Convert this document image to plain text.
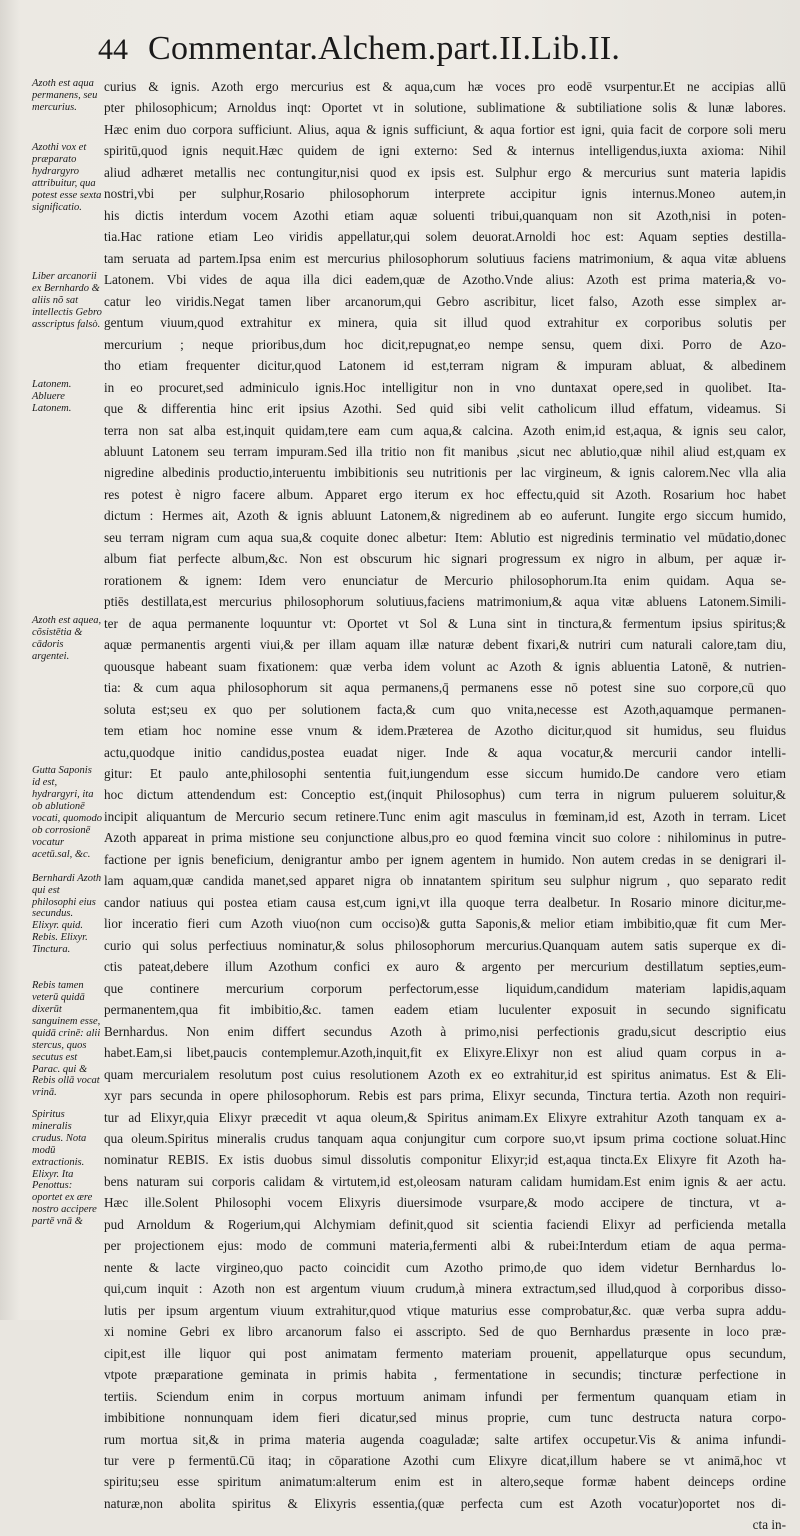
44 Commentar.Alchem.part.II.Lib.II.
Azoth est aqua permanens, seu mercurius.
Azothi vox et præparato hydrargyro attribuitur, qua potest esse sexta significatio.
Liber arcanorii ex Bernhardo & aliis nõ sat intellectis Gebro asscriptus falsò.
Latonem. Abluere Latonem.
Azoth est aquea, cõsistētia & cādoris argentei.
Gutta Saponis id est, hydrargyri, ita ob ablutionē vocati, quomodo ob corrosionē vocatur acetū.sal, &c.
Bernhardi Azoth qui est philosophi eius secundus. Elixyr. quid. Rebis. Elixyr. Tinctura.
Rebis tamen veterū quidā dixerūt sanguinem esse, quidā crinē: alii stercus, quos secutus est Parac. qui & Rebis ollā vocat vrinā.
Spiritus mineralis crudus. Nota modū extractionis. Elixyr. Ita Penottus: oportet ex ære nostro accipere partē vnā &
curius & ignis. Azoth ergo mercurius est & aqua,cum hæ voces pro eodē vsurpentur.Et ne accipias allū
pter philosophicum; Arnoldus inqt: Oportet vt in solutione, sublimatione & subtiliatione solis & lunæ labores.
Hæc enim duo corpora sufficiunt. Alius, aqua & ignis sufficiunt, & aqua fortior est igni, quia facit de corpore soli meru
spiritū,quod ignis nequit.Hæc quidem de igni externo: Sed & internus intelligendus,iuxta axioma: Nihil
aliud adhæret metallis nec contungitur,nisi quod ex ipsis est. Sulphur ergo & mercurius sunt materia lapidis
nostri,vbi per sulphur,Rosario philosophorum interprete accipitur ignis internus.Moneo autem,in
his dictis interdum vocem Azothi etiam aquæ soluenti tribui,quanquam non sit Azoth,nisi in poten-
tia.Hac ratione etiam Leo viridis appellatur,qui solem deuorat.Arnoldi hoc est: Aquam septies destilla-
tam seruata ad partem.Ipsa enim est mercurius philosophorum solutiuus faciens matrimonium, & aqua vitæ abluens
Latonem. Vbi vides de aqua illa dici eadem,quæ de Azotho.Vnde alius: Azoth est prima materia,& vo-
catur leo viridis.Negat tamen liber arcanorum,qui Gebro ascribitur, licet falso, Azoth esse simplex ar-
gentum viuum,quod extrahitur ex minera, quia sit illud quod extrahitur ex corporibus solutis per
mercurium ; neque prioribus,dum hoc dicit,repugnat,eo nempe sensu, quem dixi. Porro de Azo-
tho etiam frequenter dicitur,quod Latonem id est,terram nigram & impuram abluat, & albedinem
in eo procuret,sed adminiculo ignis.Hoc intelligitur non in vno duntaxat opere,sed in quolibet. Ita-
que & differentia hinc erit ipsius Azothi. Sed quid sibi velit catholicum illud effatum, videamus. Si
terra non sat alba est,inquit quidam,tere eam cum aqua,& calcina. Azoth enim,id est,aqua, & ignis seu calor,
abluunt Latonem seu terram impuram.Sed illa tritio non fit manibus ,sicut nec ablutio,quæ nihil aliud est,quam ex
nigredine albedinis productio,interuentu imbibitionis seu nutritionis per lac virgineum, & ignis calorem.Nec vlla alia
res potest è nigro facere album. Apparet ergo iterum ex hoc effectu,quid sit Azoth. Rosarium hoc habet
dictum : Hermes ait, Azoth & ignis abluunt Latonem,& nigredinem ab eo auferunt. Iungite ergo siccum humido,
seu terram nigram cum aqua sua,& coquite donec albetur: Item: Ablutio est nigredinis terminatio vel mūdatio,donec
album fiat perfecte album,&c. Non est obscurum hic signari progressum ex nigro in album, per aquæ ir-
rorationem & ignem: Idem vero enunciatur de Mercurio philosophorum.Ita enim quidam. Aqua se-
ptiēs destillata,est mercurius philosophorum solutiuus,faciens matrimonium,& aqua vitæ abluens Latonem.Simili-
ter de aqua permanente loquuntur vt: Oportet vt Sol & Luna sint in tinctura,& fermentum ipsius spiritus;&
aquæ permanentis argenti viui,& per illam aquam illæ naturæ debent fixari,& nutriri cum naturali calore,tam diu,
quousque habeant suam fixationem: quæ verba idem volunt ac Azoth & ignis abluentia Latonē, & nutrien-
tia: & cum aqua philosophorum sit aqua permanens,q̄ permanens esse nō potest sine suo corpore,cū quo
soluta est;seu ex quo per solutionem facta,& cum quo vnita,necesse est Azoth,aquamque permanen-
tem etiam hoc nomine esse vnum & idem.Præterea de Azotho dicitur,quod sit humidus, seu fluidus
actu,quodque initio candidus,postea euadat niger. Inde & aqua vocatur,& mercurii candor intelli-
gitur: Et paulo ante,philosophi sententia fuit,iungendum esse siccum humido.De candore vero etiam
hoc dictum attendendum est: Conceptio est,(inquit Philosophus) cum terra in nigrum puluerem soluitur,&
incipit aliquantum de Mercurio secum retinere.Tunc enim agit masculus in fœminam,id est, Azoth in terram. Licet
Azoth appareat in prima mistione seu conjunctione albus,pro eo quod fœmina vincit suo colore : nihilominus in putre-
factione per ignis beneficium, denigrantur ambo per ignem agentem in humido. Non autem credas in se denigrari il-
lam aquam,quæ candida manet,sed apparet nigra ob innatantem spiritum seu sulphur nigrum , quo separato redit
candor natiuus qui postea etiam causa est,cum igni,vt illa quoque terra dealbetur. In Rosario minore dicitur,me-
lior inceratio fieri cum Azoth viuo(non cum occiso)& gutta Saponis,& melior etiam imbibitio,quæ fit cum Mer-
curio qui solus perfectiuus nominatur,& solus philosophorum mercurius.Quanquam autem satis superque ex di-
ctis pateat,debere illum Azothum confici ex auro & argento per mercurium destillatum septies,eum-
que continere mercurium corporum perfectorum,esse liquidum,candidum materiam lapidis,aquam
permanentem,qua fit imbibitio,&c. tamen eadem etiam luculenter exposuit in secundo significatu
Bernhardus. Non enim differt secundus Azoth à primo,nisi perfectionis gradu,sicut descriptio eius
habet.Eam,si libet,paucis contemplemur.Azoth,inquit,fit ex Elixyre.Elixyr non est aliud quam corpus in a-
quam mercurialem resolutum post cuius resolutionem Azoth ex eo extrahitur,id est spiritus animatus. Est & Eli-
xyr pars secunda in opere philosophorum. Rebis est pars prima, Elixyr secunda, Tinctura tertia. Azoth non requiri-
tur ad Elixyr,quia Elixyr præcedit vt aqua oleum,& Spiritus animam.Ex Elixyre extrahitur Azoth tanquam ex a-
qua oleum.Spiritus mineralis crudus tanquam aqua conjungitur cum corpore suo,vt ipsum prima coctione soluat.Hinc
nominatur REBIS. Ex istis duobus simul dissolutis componitur Elixyr;id est,aqua tincta.Ex Elixyre fit Azoth ha-
bens naturam sui corporis calidam & virtutem,id est,oleosam naturam calidam humidam.Est enim ignis & aer actu.
Hæc ille.Solent Philosophi vocem Elixyris diuersimode vsurpare,& modo accipere de tinctura, vt a-
pud Arnoldum & Rogerium,qui Alchymiam definit,quod sit scientia faciendi Elixyr ad perficienda metalla
per projectionem ejus: modo de communi materia,fermenti albi & rubei:Interdum etiam de aqua perma-
nente & lacte virgineo,quo pacto coincidit cum Azotho primo,de quo idem videtur Bernhardus lo-
qui,cum inquit : Azoth non est argentum viuum crudum,à minera extractum,sed illud,quod à corporibus disso-
lutis per ipsum argentum viuum extrahitur,quod vtique maturius esse comprobatur,&c. quæ verba supra addu-
xi nomine Gebri ex libro arcanorum falso ei asscripto. Sed de quo Bernhardus præsente in loco præ-
cipit,est ille liquor qui post animatam fermento materiam prouenit, appellaturque opus secundum,
vtpote præparatione geminata in primis habita , fermentatione in secundis; tincturæ perfectione in
tertiis. Sciendum enim in corpus mortuum animam infundi per fermentum quanquam etiam in
imbibitione nonnunquam idem fieri dicatur,sed minus proprie, cum tunc destructa natura corpo-
rum mortua sit,& in prima materia augenda coaguladæ; salte artifex occupetur.Vis & anima infundi-
tur vere p fermentū.Cū itaq; in cōparatione Azothi cum Elixyre dicat,illum habere se vt animā,hoc vt
spiritu;seu esse spiritum animatum:alterum enim est in altero,seque formæ habent deinceps ordine
naturæ,non abolita spiritus & Elixyris essentia,(quæ perfecta cum est Azoth vocatur)oportet nos di-
cta in-
